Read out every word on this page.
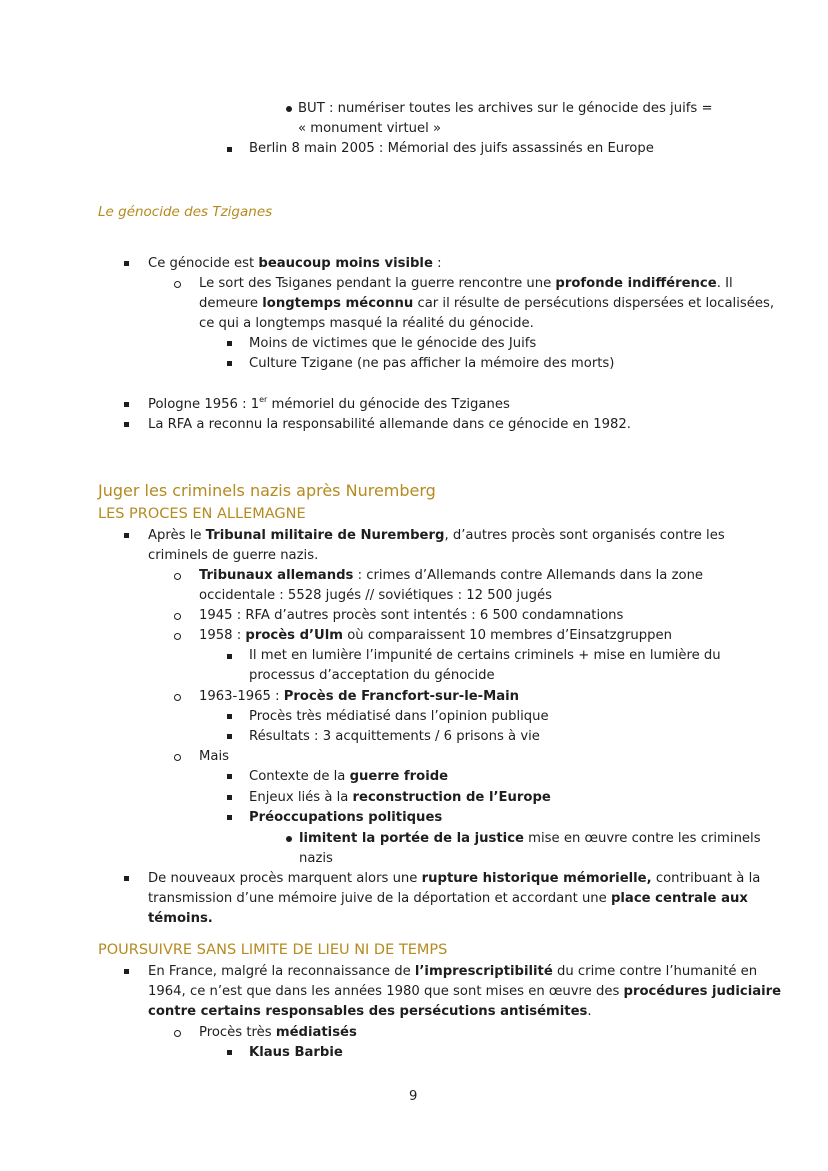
BUT : numériser toutes les archives sur le génocide des juifs =
« monument virtuel »
Berlin 8 main 2005 : Mémorial des juifs assassinés en Europe
Le génocide des Tziganes
Ce génocide est beaucoup moins visible :
Le sort des Tsiganes pendant la guerre rencontre une profonde indifférence. Il
demeure longtemps méconnu car il résulte de persécutions dispersées et localisées,
ce qui a longtemps masqué la réalité du génocide.
Moins de victimes que le génocide des Juifs
Culture Tzigane (ne pas afficher la mémoire des morts)
Pologne 1956 : 1er mémoriel du génocide des Tziganes
La RFA a reconnu la responsabilité allemande dans ce génocide en 1982.
Juger les criminels nazis après Nuremberg
LES PROCES EN ALLEMAGNE
Après le Tribunal militaire de Nuremberg, d’autres procès sont organisés contre les
criminels de guerre nazis.
Tribunaux allemands : crimes d’Allemands contre Allemands dans la zone
occidentale : 5528 jugés // soviétiques : 12 500 jugés
1945 : RFA d’autres procès sont intentés : 6 500 condamnations
1958 : procès d’Ulm où comparaissent 10 membres d’Einsatzgruppen
Il met en lumière l’impunité de certains criminels + mise en lumière du
processus d’acceptation du génocide
1963-1965 : Procès de Francfort-sur-le-Main
Procès très médiatisé dans l’opinion publique
Résultats : 3 acquittements / 6 prisons à vie
Mais
Contexte de la guerre froide
Enjeux liés à la reconstruction de l’Europe
Préoccupations politiques
limitent la portée de la justice mise en œuvre contre les criminels
nazis
De nouveaux procès marquent alors une rupture historique mémorielle, contribuant à la
transmission d’une mémoire juive de la déportation et accordant une place centrale aux
témoins.
POURSUIVRE SANS LIMITE DE LIEU NI DE TEMPS
En France, malgré la reconnaissance de l’imprescriptibilité du crime contre l’humanité en
1964, ce n’est que dans les années 1980 que sont mises en œuvre des procédures judiciaire
contre certains responsables des persécutions antisémites.
Procès très médiatisés
Klaus Barbie
9
